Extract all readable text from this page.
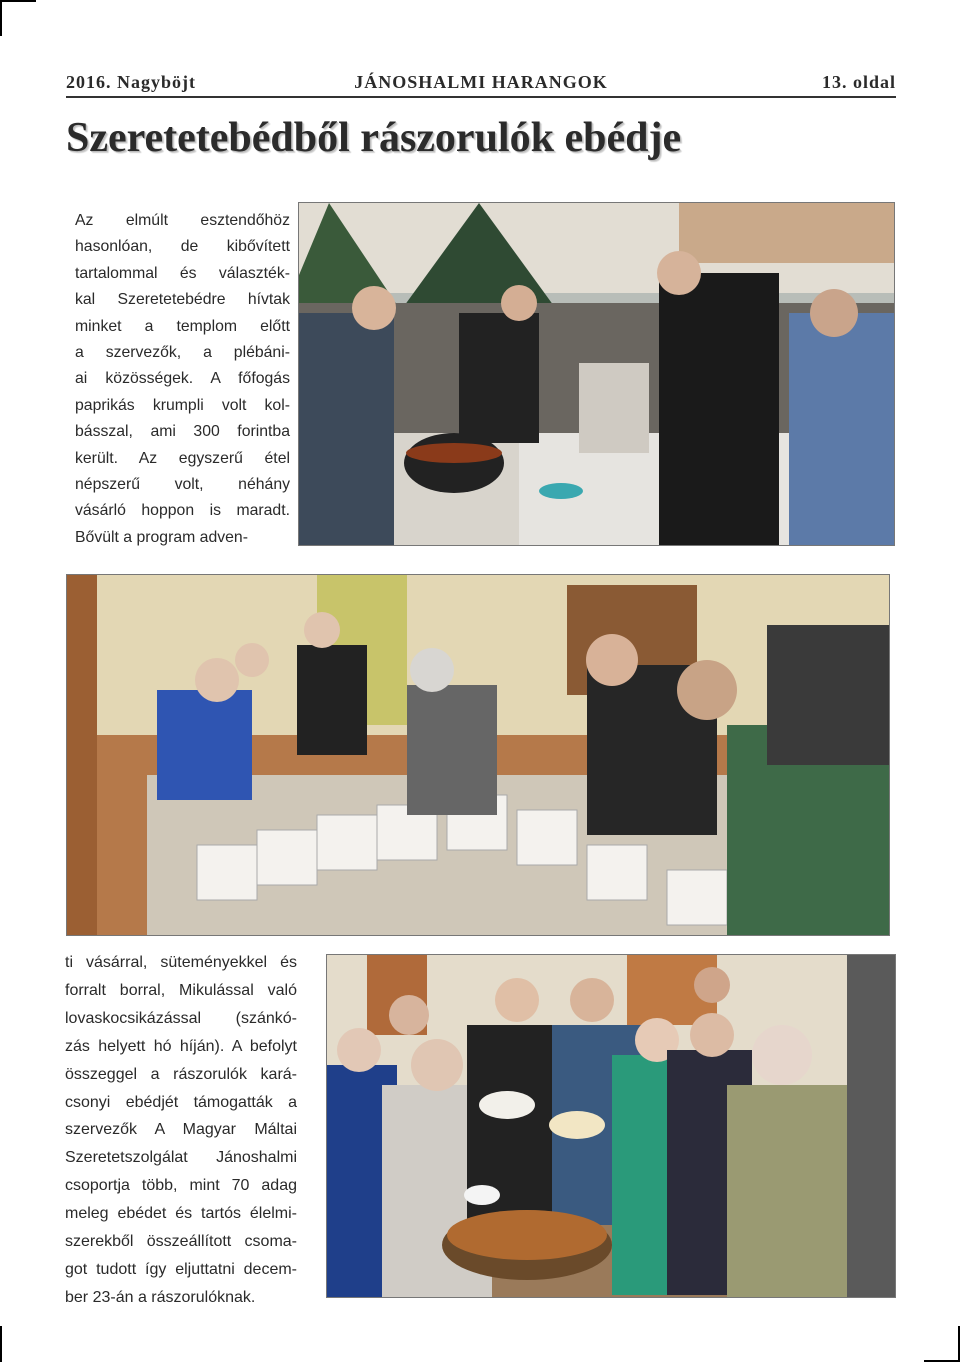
JÁNOSHALMI HARANGOK
2016. Nagyböjt	13. oldal
Szeretetebédből rászorulók ebédje
Az elmúlt esztendőhöz
hasonlóan, de kibővített
tartalommal és választék-
kal Szeretetebédre hívtak
minket a templom előtt
a szervezők, a plébáni-
ai közösségek. A főfogás
paprikás krumpli volt kol-
básszal, ami 300 forintba
került. Az egyszerű étel
népszerű volt, néhány
vásárló hoppon is maradt.
Bővült a program adven-
ti vásárral, süteményekkel és
forralt borral, Mikulással való
lovaskocsikázással (szánkó-
zás helyett hó híján). A befolyt
összeggel a rászorulók kará-
csonyi ebédjét támogatták a
szervezők A Magyar Máltai
Szeretetszolgálat Jánoshalmi
csoportja több, mint 70 adag
meleg ebédet és tartós élelmi-
szerekből összeállított csoma-
got tudott így eljuttatni decem-
ber 23-án a rászorulóknak.
